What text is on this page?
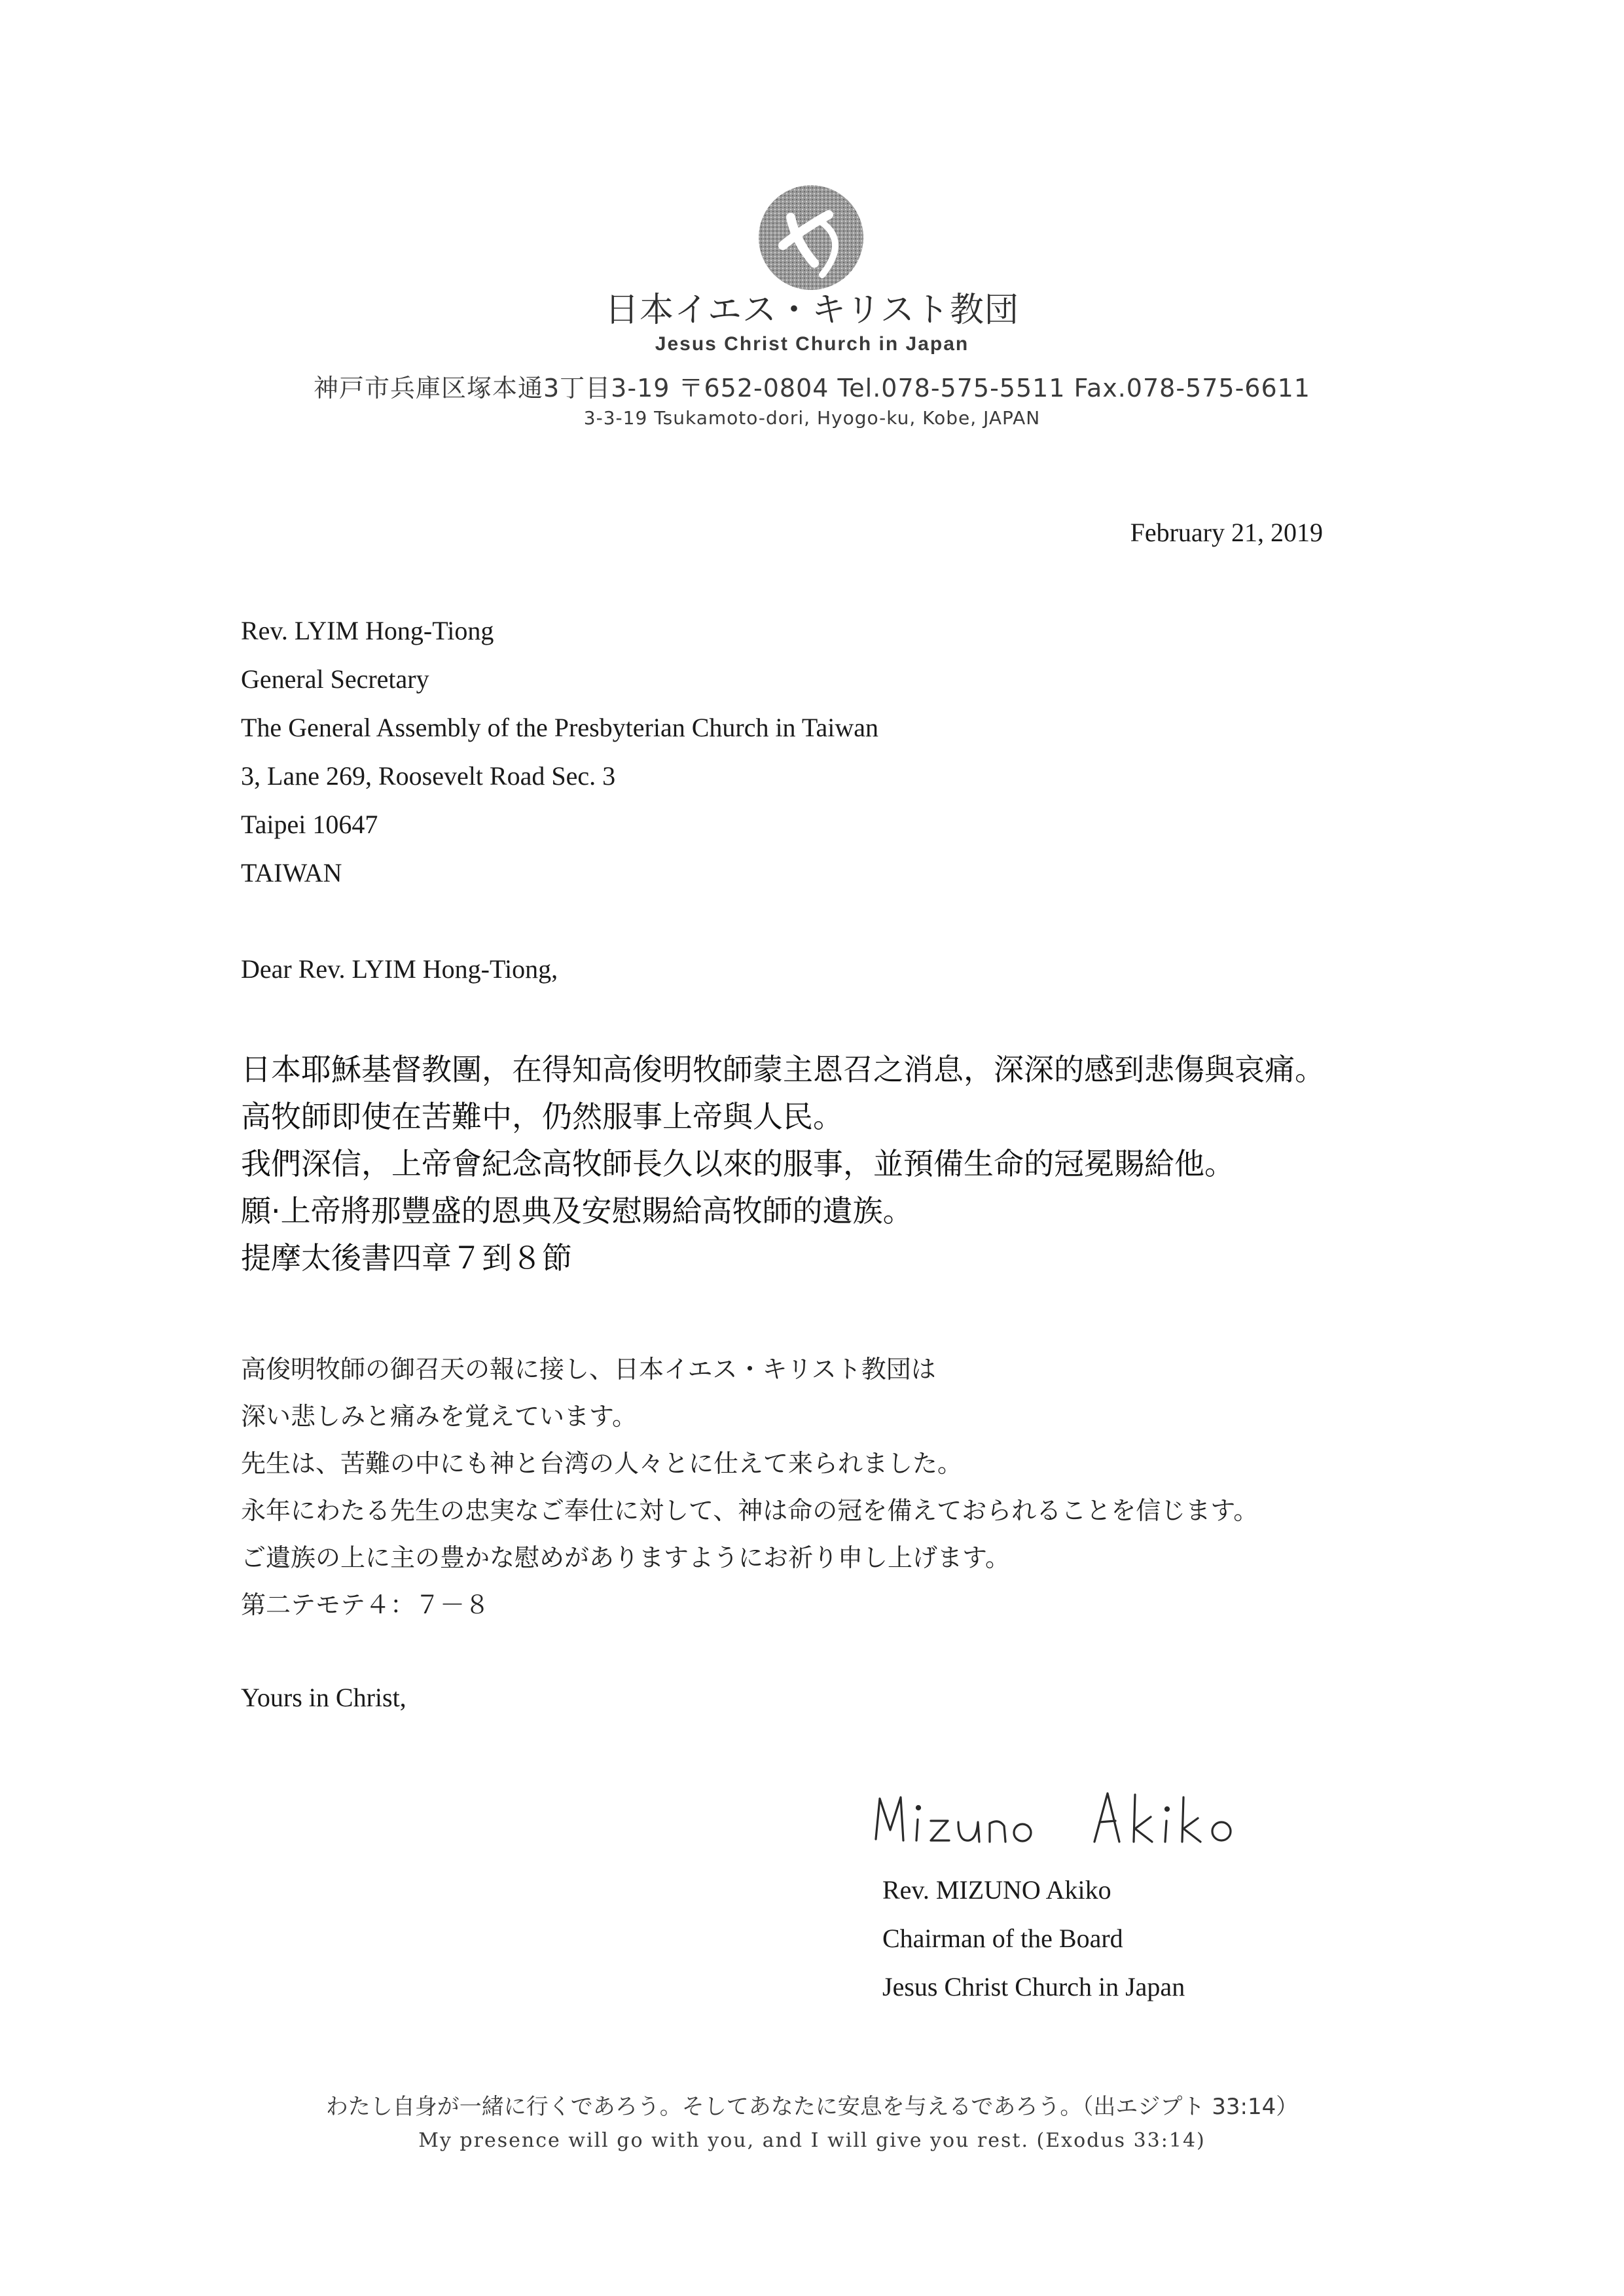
日本イエス・キリスト教団

Jesus Christ Church in Japan

神戸市兵庫区塚本通3丁目3-19 〒652-0804 Tel.078-575-5511 Fax.078-575-6611

3-3-19 Tsukamoto-dori, Hyogo-ku, Kobe, JAPAN

February 21, 2019

Rev. LYIM Hong-Tiong
General Secretary
The General Assembly of the Presbyterian Church in Taiwan
3, Lane 269, Roosevelt Road Sec. 3
Taipei 10647
TAIWAN

Dear Rev. LYIM Hong-Tiong,

日本耶穌基督教團，在得知高俊明牧師蒙主恩召之消息，深深的感到悲傷與哀痛。
高牧師即使在苦難中，仍然服事上帝與人民。
我們深信，上帝會紀念高牧師長久以來的服事，並預備生命的冠冕賜給他。
願·上帝將那豐盛的恩典及安慰賜給高牧師的遺族。
提摩太後書四章７到８節
高俊明牧師の御召天の報に接し、日本イエス・キリスト教団は
深い悲しみと痛みを覚えています。
先生は、苦難の中にも神と台湾の人々とに仕えて来られました。
永年にわたる先生の忠実なご奉仕に対して、神は命の冠を備えておられることを信じます。
ご遺族の上に主の豊かな慰めがありますようにお祈り申し上げます。
第二テモテ４：７－８

Yours in Christ,

Rev. MIZUNO Akiko
Chairman of the Board
Jesus Christ Church in Japan

わたし自身が一緒に行くであろう。そしてあなたに安息を与えるであろう。（出エジプト 33:14）

My presence will go with you, and I will give you rest. (Exodus 33:14)
